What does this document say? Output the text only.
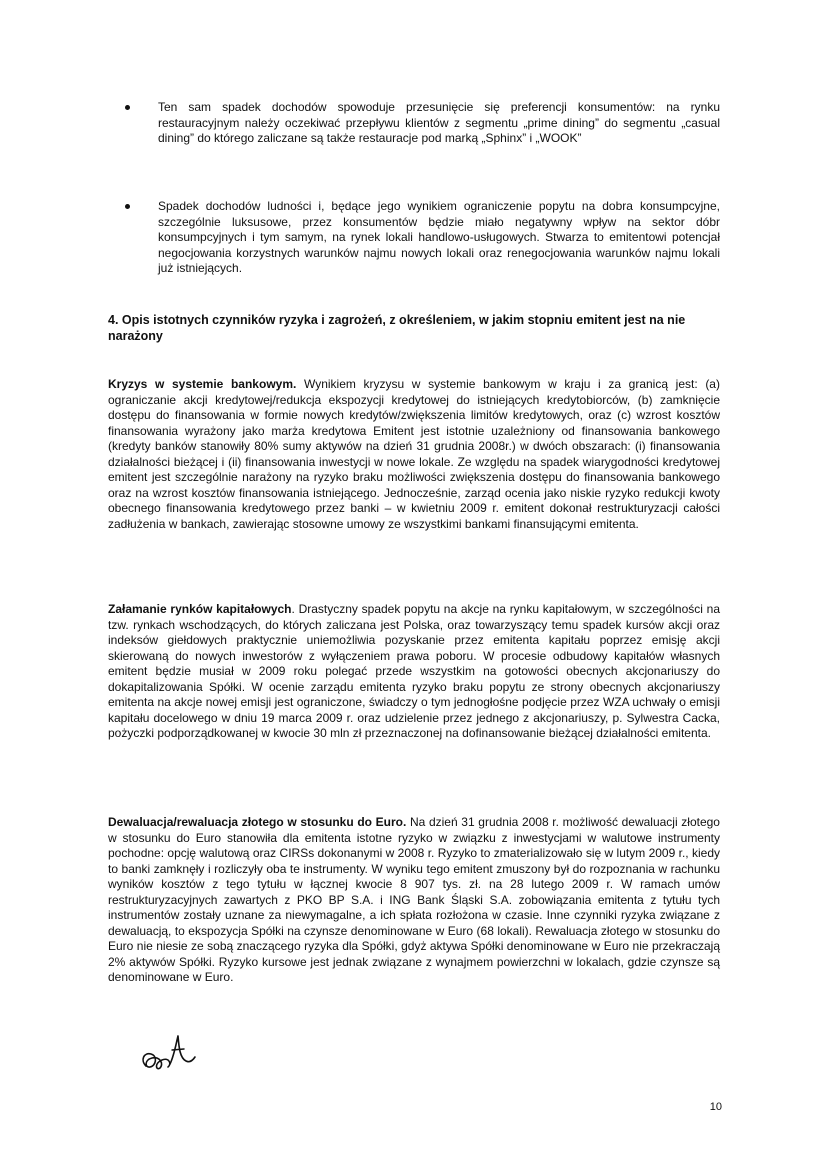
Ten sam spadek dochodów spowoduje przesunięcie się preferencji konsumentów: na rynku restauracyjnym należy oczekiwać przepływu klientów z segmentu „prime dining” do segmentu „casual dining” do którego zaliczane są także restauracje pod marką „Sphinx” i „WOOK”
Spadek dochodów ludności i, będące jego wynikiem ograniczenie popytu na dobra konsumpcyjne, szczególnie luksusowe, przez konsumentów będzie miało negatywny wpływ na sektor dóbr konsumpcyjnych i tym samym, na rynek lokali handlowo-usługowych. Stwarza to emitentowi potencjał negocjowania korzystnych warunków najmu nowych lokali oraz renegocjowania warunków najmu lokali już istniejących.
4. Opis istotnych czynników ryzyka i zagrożeń, z określeniem, w jakim stopniu emitent jest na nie narażony
Kryzys w systemie bankowym. Wynikiem kryzysu w systemie bankowym w kraju i za granicą jest: (a) ograniczanie akcji kredytowej/redukcja ekspozycji kredytowej do istniejących kredytobiorców, (b) zamknięcie dostępu do finansowania w formie nowych kredytów/zwiększenia limitów kredytowych, oraz (c) wzrost kosztów finansowania wyrażony jako marża kredytowa Emitent jest istotnie uzależniony od finansowania bankowego (kredyty banków stanowiły 80% sumy aktywów na dzień 31 grudnia 2008r.) w dwóch obszarach: (i) finansowania działalności bieżącej i (ii) finansowania inwestycji w nowe lokale. Ze względu na spadek wiarygodności kredytowej emitent jest szczególnie narażony na ryzyko braku możliwości zwiększenia dostępu do finansowania bankowego oraz na wzrost kosztów finansowania istniejącego. Jednocześnie, zarząd ocenia jako niskie ryzyko redukcji kwoty obecnego finansowania kredytowego przez banki – w kwietniu 2009 r. emitent dokonał restrukturyzacji całości zadłużenia w bankach, zawierając stosowne umowy ze wszystkimi bankami finansującymi emitenta.
Załamanie rynków kapitałowych. Drastyczny spadek popytu na akcje na rynku kapitałowym, w szczególności na tzw. rynkach wschodzących, do których zaliczana jest Polska, oraz towarzyszący temu spadek kursów akcji oraz indeksów giełdowych praktycznie uniemożliwia pozyskanie przez emitenta kapitału poprzez emisję akcji skierowaną do nowych inwestorów z wyłączeniem prawa poboru. W procesie odbudowy kapitałów własnych emitent będzie musiał w 2009 roku polegać przede wszystkim na gotowości obecnych akcjonariuszy do dokapitalizowania Spółki. W ocenie zarządu emitenta ryzyko braku popytu ze strony obecnych akcjonariuszy emitenta na akcje nowej emisji jest ograniczone, świadczy o tym jednogłośne podjęcie przez WZA uchwały o emisji kapitału docelowego w dniu 19 marca 2009 r. oraz udzielenie przez jednego z akcjonariuszy, p. Sylwestra Cacka, pożyczki podporządkowanej w kwocie 30 mln zł przeznaczonej na dofinansowanie bieżącej działalności emitenta.
Dewaluacja/rewaluacja złotego w stosunku do Euro. Na dzień 31 grudnia 2008 r. możliwość dewaluacji złotego w stosunku do Euro stanowiła dla emitenta istotne ryzyko w związku z inwestycjami w walutowe instrumenty pochodne: opcję walutową oraz CIRSs dokonanymi w 2008 r. Ryzyko to zmaterializowało się w lutym 2009 r., kiedy to banki zamknęły i rozliczyły oba te instrumenty. W wyniku tego emitent zmuszony był do rozpoznania w rachunku wyników kosztów z tego tytułu w łącznej kwocie 8 907 tys. zł. na 28 lutego 2009 r. W ramach umów restrukturyzacyjnych zawartych z PKO BP S.A. i ING Bank Śląski S.A. zobowiązania emitenta z tytułu tych instrumentów zostały uznane za niewymagalne, a ich spłata rozłożona w czasie. Inne czynniki ryzyka związane z dewaluacją, to ekspozycja Spółki na czynsze denominowane w Euro (68 lokali). Rewaluacja złotego w stosunku do Euro nie niesie ze sobą znaczącego ryzyka dla Spółki, gdyż aktywa Spółki denominowane w Euro nie przekraczają 2% aktywów Spółki. Ryzyko kursowe jest jednak związane z wynajmem powierzchni w lokalach, gdzie czynsze są denominowane w Euro.
10
